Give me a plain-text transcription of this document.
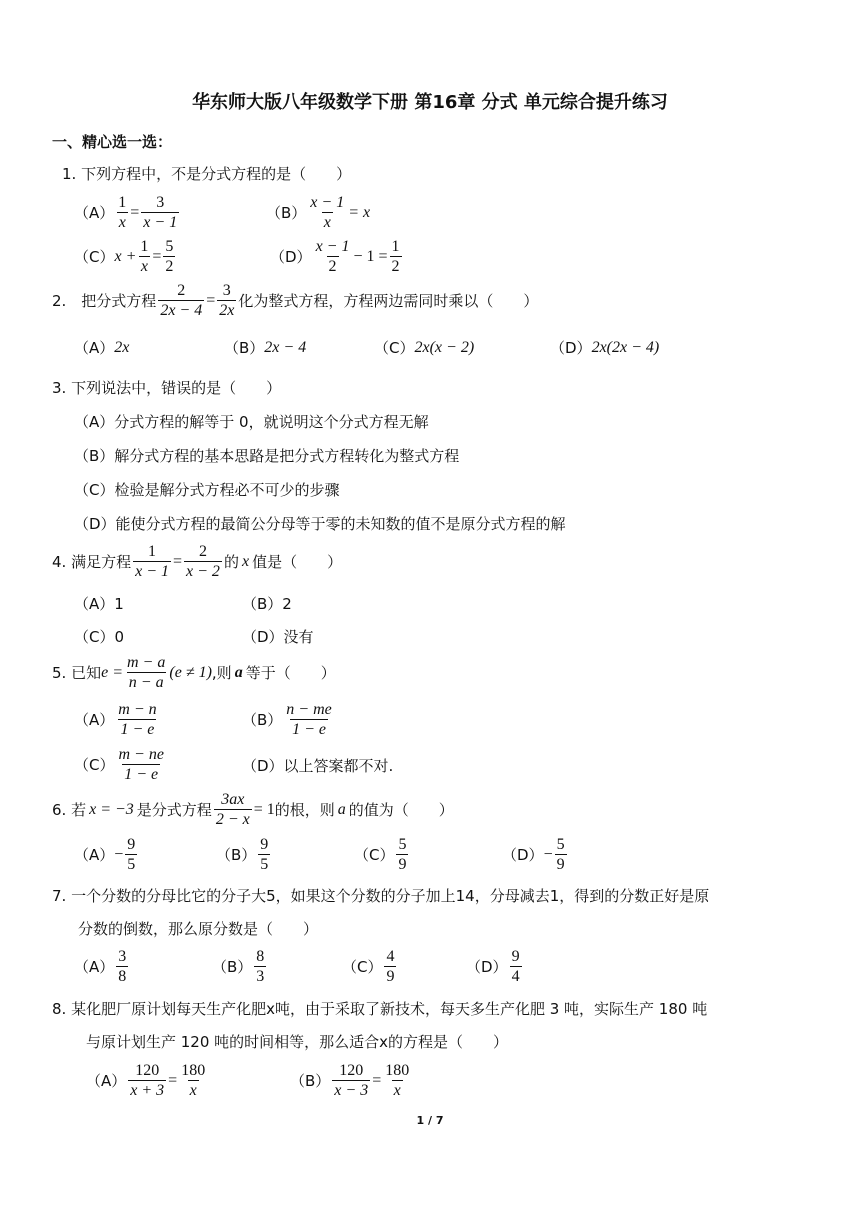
华东师大版八年级数学下册 第16章 分式 单元综合提升练习
一、精心选一选：
1. 下列方程中，不是分式方程的是（　　）
$(A) \frac{1}{x} = \frac{3}{x - 1}$	$(B) \frac{x - 1}{x} = x$
（C） $x + \frac{1}{x} = \frac{5}{2}$	$(D) \frac{x - 1}{2} - 1 = \frac{1}{2}$
2.　把分式方程 $\frac{2}{2x - 4} = \frac{3}{2x}$ 化为整式方程，方程两边需同时乘以（　　）
（A） 2x	（B） 2x − 4	（C） 2x(x − 2)	（D） 2x(2x − 4)
3. 下列说法中，错误的是（　　）
（A）分式方程的解等于 0，就说明这个分式方程无解
（B）解分式方程的基本思路是把分式方程转化为整式方程
（C）检验是解分式方程必不可少的步骤
（D）能使分式方程的最简公分母等于零的未知数的值不是原分式方程的解
4. 满足方程 $\frac{1}{x - 1} = \frac{2}{x - 2}$ 的 x 值是（　　）
（A）1	（B）2
（C）0	（D）没有
5. 已知 $e = \frac{m - a}{n - a} (e \ne 1)$ ,则 a 等于（　　）
$(A) \frac{m - n}{1 - e}$	$(B) \frac{n - me}{1 - e}$
$(C) \frac{m - ne}{1 - e}$	（D）以上答案都不对.
6. 若 x = −3 是分式方程 $\frac{3ax}{2 - x} = 1$ 的根，则 a 的值为（　　）
$(A) - \frac{9}{5}$	$(B) \frac{9}{5}$	$(C) \frac{5}{9}$	$(D) - \frac{5}{9}$
7. 一个分数的分母比它的分子大5，如果这个分数的分子加上14，分母减去1，得到的分数正好是原
分数的倒数，那么原分数是（　　）
$(A) \frac{3}{8}$	$(B) \frac{8}{3}$	$(C) \frac{4}{9}$	$(D) \frac{9}{4}$
8. 某化肥厂原计划每天生产化肥x吨，由于采取了新技术，每天多生产化肥 3 吨，实际生产 180 吨
与原计划生产 120 吨的时间相等，那么适合x的方程是（　　）
$(A) \frac{120}{x + 3} = \frac{180}{x}$	$(B) \frac{120}{x - 3} = \frac{180}{x}$
1 / 7
